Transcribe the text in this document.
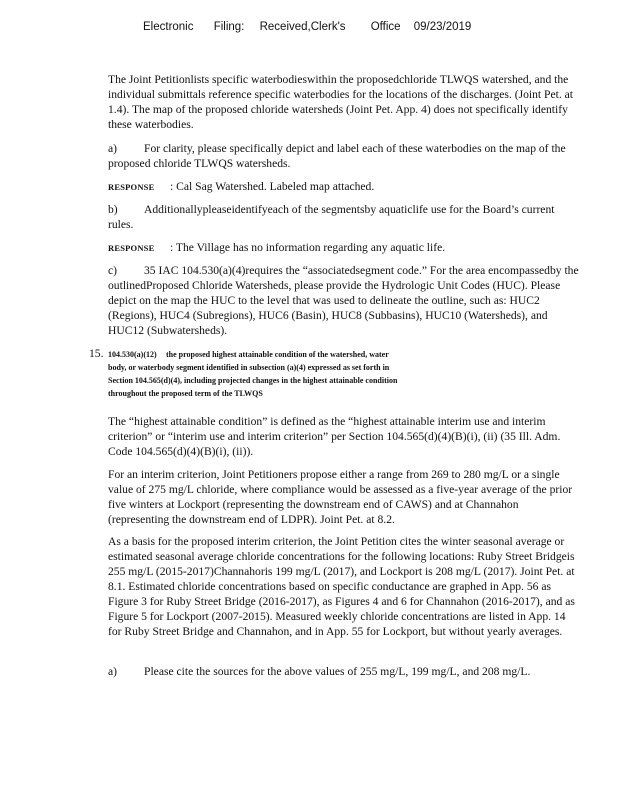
Electronic Filing: Received,Clerk's Office 09/23/2019
The Joint Petitionlists specific waterbodieswithin the proposedchloride TLWQS watershed, and the individual submittals reference specific waterbodies for the locations of the discharges. (Joint Pet. at 1.4). The map of the proposed chloride watersheds (Joint Pet. App. 4) does not specifically identify these waterbodies.
a) For clarity, please specifically depict and label each of these waterbodies on the map of the proposed chloride TLWQS watersheds.
RESPONSE : Cal Sag Watershed. Labeled map attached.
b) Additionallypleaseidentifyeach of the segmentsby aquaticlife use for the Board’s current rules.
RESPONSE : The Village has no information regarding any aquatic life.
c) 35 IAC 104.530(a)(4)requires the “associatedsegment code.” For the area encompassedby the outlinedProposed Chloride Watersheds, please provide the Hydrologic Unit Codes (HUC). Please depict on the map the HUC to the level that was used to delineate the outline, such as: HUC2 (Regions), HUC4 (Subregions), HUC6 (Basin), HUC8 (Subbasins), HUC10 (Watersheds), and HUC12 (Subwatersheds).
15. 104.530(a)(12) the proposed highest attainable condition of the watershed, water
body, or waterbody segment identified in subsection (a)(4) expressed as set forth in
Section 104.565(d)(4), including projected changes in the highest attainable condition
throughout the proposed term of the TLWQS
The “highest attainable condition” is defined as the “highest attainable interim use and interim criterion” or “interim use and interim criterion” per Section 104.565(d)(4)(B)(i), (ii) (35 Ill. Adm. Code 104.565(d)(4)(B)(i), (ii)).
For an interim criterion, Joint Petitioners propose either a range from 269 to 280 mg/L or a single value of 275 mg/L chloride, where compliance would be assessed as a five-year average of the prior five winters at Lockport (representing the downstream end of CAWS) and at Channahon (representing the downstream end of LDPR). Joint Pet. at 8.2.
As a basis for the proposed interim criterion, the Joint Petition cites the winter seasonal average or estimated seasonal average chloride concentrations for the following locations: Ruby Street Bridgeis 255 mg/L (2015-2017)Channahoris 199 mg/L (2017), and Lockport is 208 mg/L (2017). Joint Pet. at 8.1. Estimated chloride concentrations based on specific conductance are graphed in App. 56 as Figure 3 for Ruby Street Bridge (2016-2017), as Figures 4 and 6 for Channahon (2016-2017), and as Figure 5 for Lockport (2007-2015). Measured weekly chloride concentrations are listed in App. 14 for Ruby Street Bridge and Channahon, and in App. 55 for Lockport, but without yearly averages.
a) Please cite the sources for the above values of 255 mg/L, 199 mg/L, and 208 mg/L.
